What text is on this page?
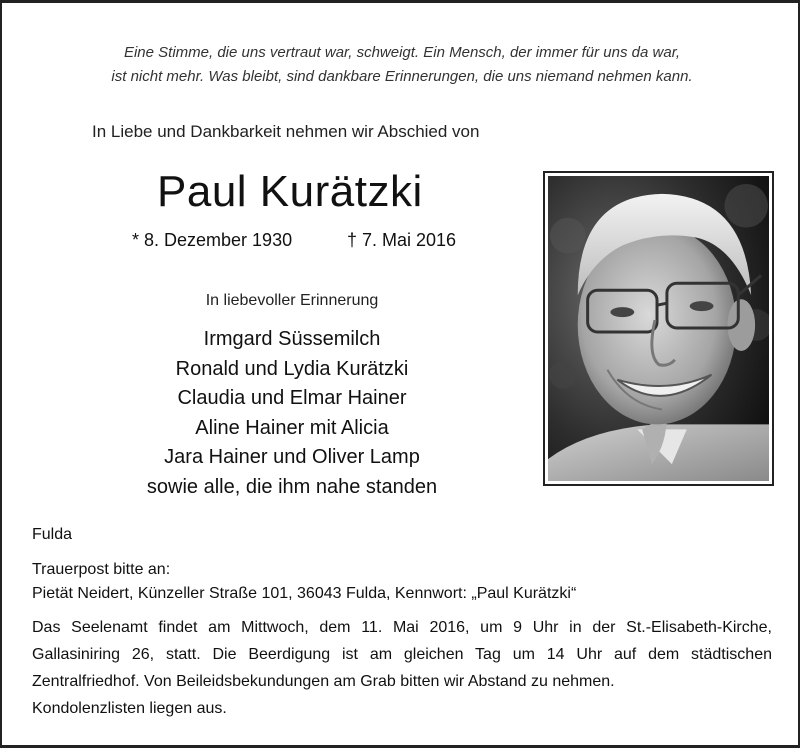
Eine Stimme, die uns vertraut war, schweigt. Ein Mensch, der immer für uns da war,
ist nicht mehr. Was bleibt, sind dankbare Erinnerungen, die uns niemand nehmen kann.
In Liebe und Dankbarkeit nehmen wir Abschied von
Paul Kurätzki
* 8. Dezember 1930	† 7. Mai 2016
In liebevoller Erinnerung
Irmgard Süssemilch
Ronald und Lydia Kurätzki
Claudia und Elmar Hainer
Aline Hainer mit Alicia
Jara Hainer und Oliver Lamp
sowie alle, die ihm nahe standen
Fulda
Trauerpost bitte an:
Pietät Neidert, Künzeller Straße 101, 36043 Fulda, Kennwort: „Paul Kurätzki“
Das Seelenamt findet am Mittwoch, dem 11. Mai 2016, um 9 Uhr in der St.-Elisabeth-Kirche,
Gallasiniring 26, statt. Die Beerdigung ist am gleichen Tag um 14 Uhr auf dem städtischen
Zentralfriedhof. Von Beileidsbekundungen am Grab bitten wir Abstand zu nehmen.
Kondolenzlisten liegen aus.
